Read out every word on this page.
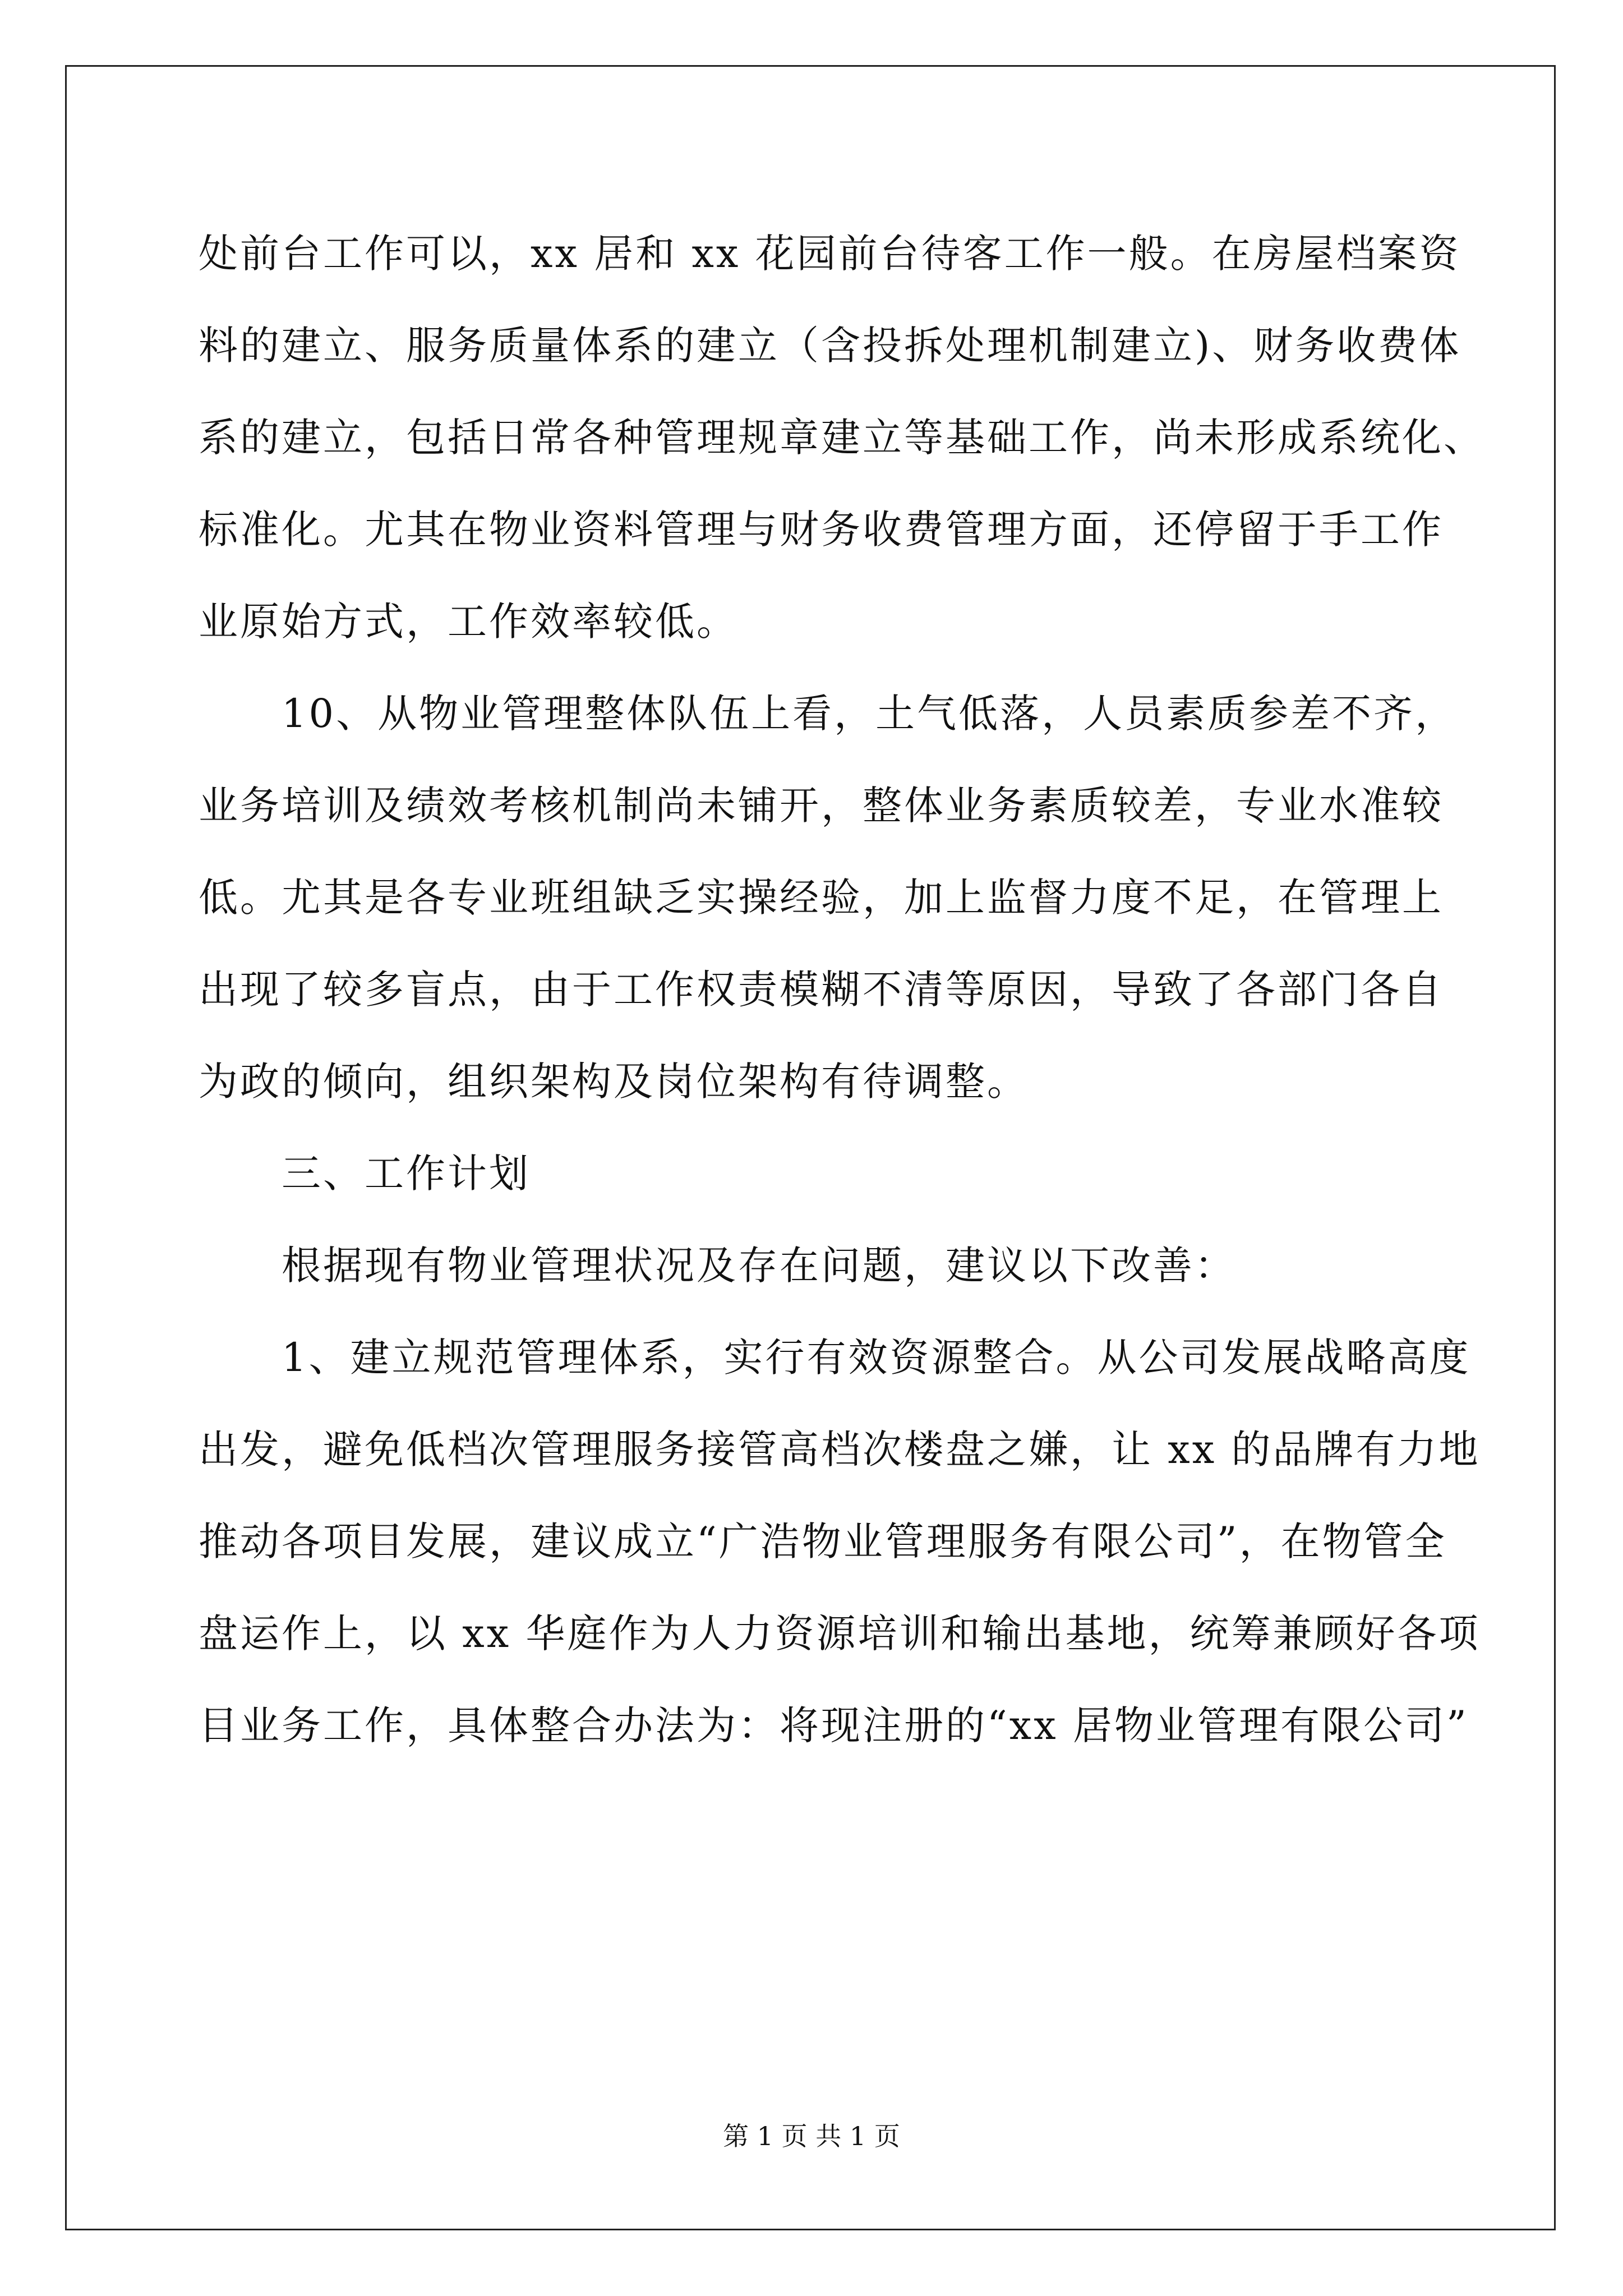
处前台工作可以，xx 居和 xx 花园前台待客工作一般。在房屋档案资
料的建立、服务质量体系的建立（含投拆处理机制建立)、财务收费体
系的建立，包括日常各种管理规章建立等基础工作，尚未形成系统化、
标准化。尤其在物业资料管理与财务收费管理方面，还停留于手工作
业原始方式，工作效率较低。
10、从物业管理整体队伍上看，土气低落，人员素质参差不齐，
业务培训及绩效考核机制尚未铺开，整体业务素质较差，专业水准较
低。尤其是各专业班组缺乏实操经验，加上监督力度不足，在管理上
出现了较多盲点，由于工作权责模糊不清等原因，导致了各部门各自
为政的倾向，组织架构及岗位架构有待调整。
三、工作计划
根据现有物业管理状况及存在问题，建议以下改善：
1、建立规范管理体系，实行有效资源整合。从公司发展战略高度
出发，避免低档次管理服务接管高档次楼盘之嫌，让 xx 的品牌有力地
推动各项目发展，建议成立“广浩物业管理服务有限公司”，在物管全
盘运作上，以 xx 华庭作为人力资源培训和输出基地，统筹兼顾好各项
目业务工作，具体整合办法为：将现注册的“xx 居物业管理有限公司”
第 1 页 共 1 页
